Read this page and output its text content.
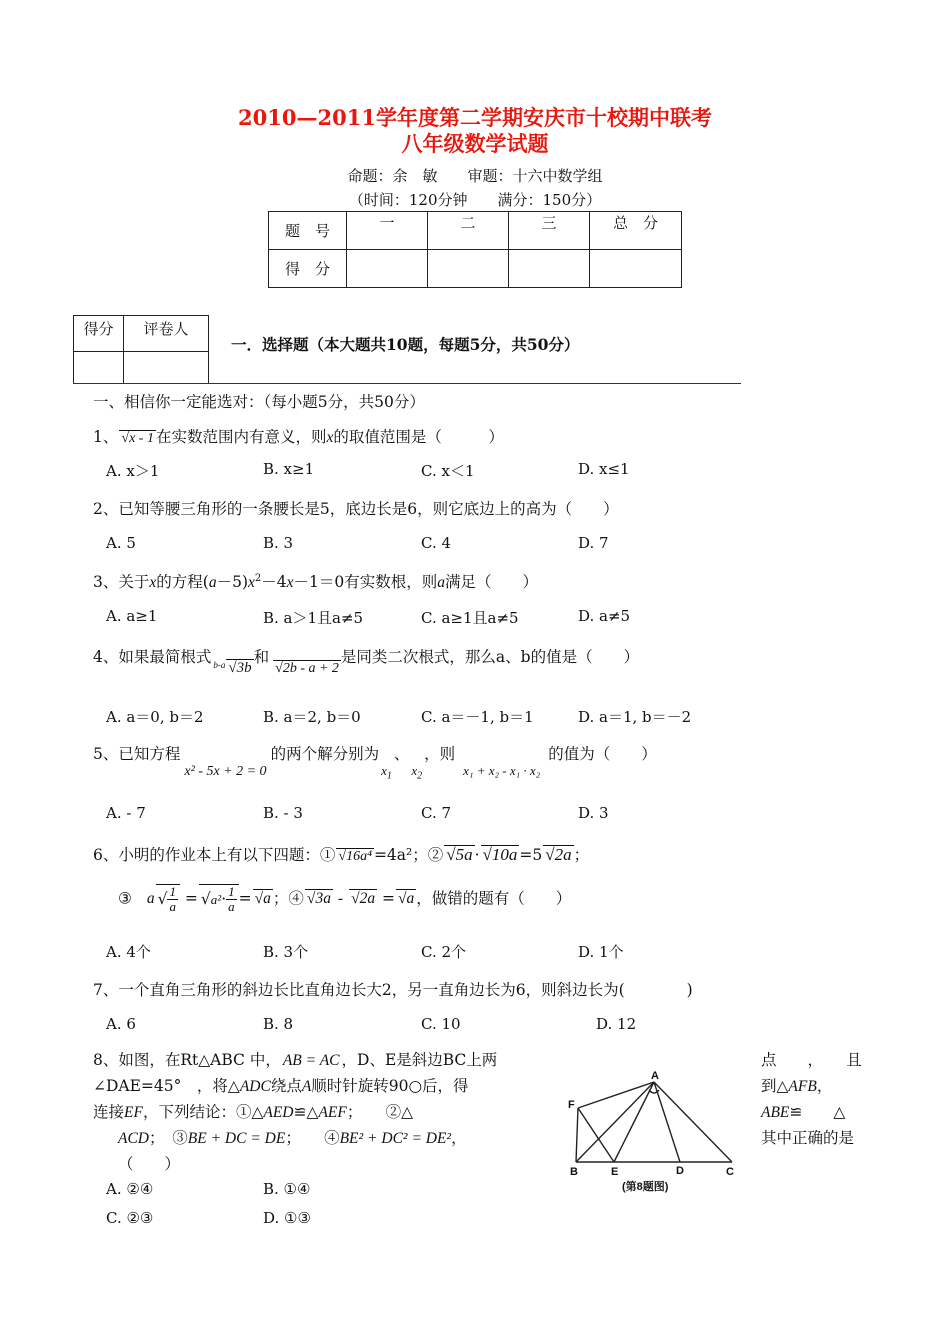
2010—2011学年度第二学期安庆市十校期中联考
八年级数学试题
命题：余　敏　　审题：十六中数学组
（时间：120分钟　　满分：150分）
题　号	一	二	三	总　分
得　分				
得分	评卷人

一．选择题（本大题共10题，每题5分，共50分）
一、相信你一定能选对：（每小题5分，共50分）
1、 √x - 1 在实数范围内有意义，则x的取值范围是（　　　）
A. x＞1	B. x≥1	C. x＜1	D. x≤1
2、已知等腰三角形的一条腰长是5，底边长是6，则它底边上的高为（　　）
A. 5	B. 3	C. 4	D. 7
3、关于x的方程$(a-5)x^2-4x-1=0$有实数根，则a满足（　　）
A. a≥1	B. a＞1且a≠5	C. a≥1且a≠5	D. a≠5
4、如果最简根式 $_{b-a}$ √3b和√2b - a + 2是同类二次根式，那么a、b的值是（　　）
A. a＝0, b＝2	B. a＝2, b＝0	C. a＝－1, b＝1	D. a＝1, b＝－2
5、已知方程x² - 5x + 2 = 0的两个解分别为$x_1$、$x_2$，则x₁ + x₂ - x₁ · x₂的值为（　　）
A. - 7	B. - 3	C. 7	D. 3
6、小明的作业本上有以下四题：① √16a⁴ =4a²；② √5a · √10a =5 √2a ；
③ a √ $\frac{1}{a} = √a^2\cdot \frac{1}{a} = √a$ ；④ √3a - √2a = √a ，做错的题有（　　）
A. 4个	B. 3个	C. 2个	D. 1个
7、一个直角三角形的斜边长比直角边长大2，另一直角边长为6，则斜边长为(　　　　)
A. 6	B. 8	C. 10	D. 12
8、如图，在Rt△ABC 中， AB = AC ，D、E是斜边BC上两	点　　，　　且
∠DAE=45°　，将△ADC绕点A顺时针旋转90○后，得	到△AFB，
连接EF，下列结论：①△AED≌△AEF；　　②△	ABE≌　　△
ACD；　③BE + DC = DE；　　④BE² + DC² = DE²，	其中正确的是
（　　）
A. ②④	B. ①④
C. ②③	D. ①③
A
F
B	E	D	C
(第8题图)
